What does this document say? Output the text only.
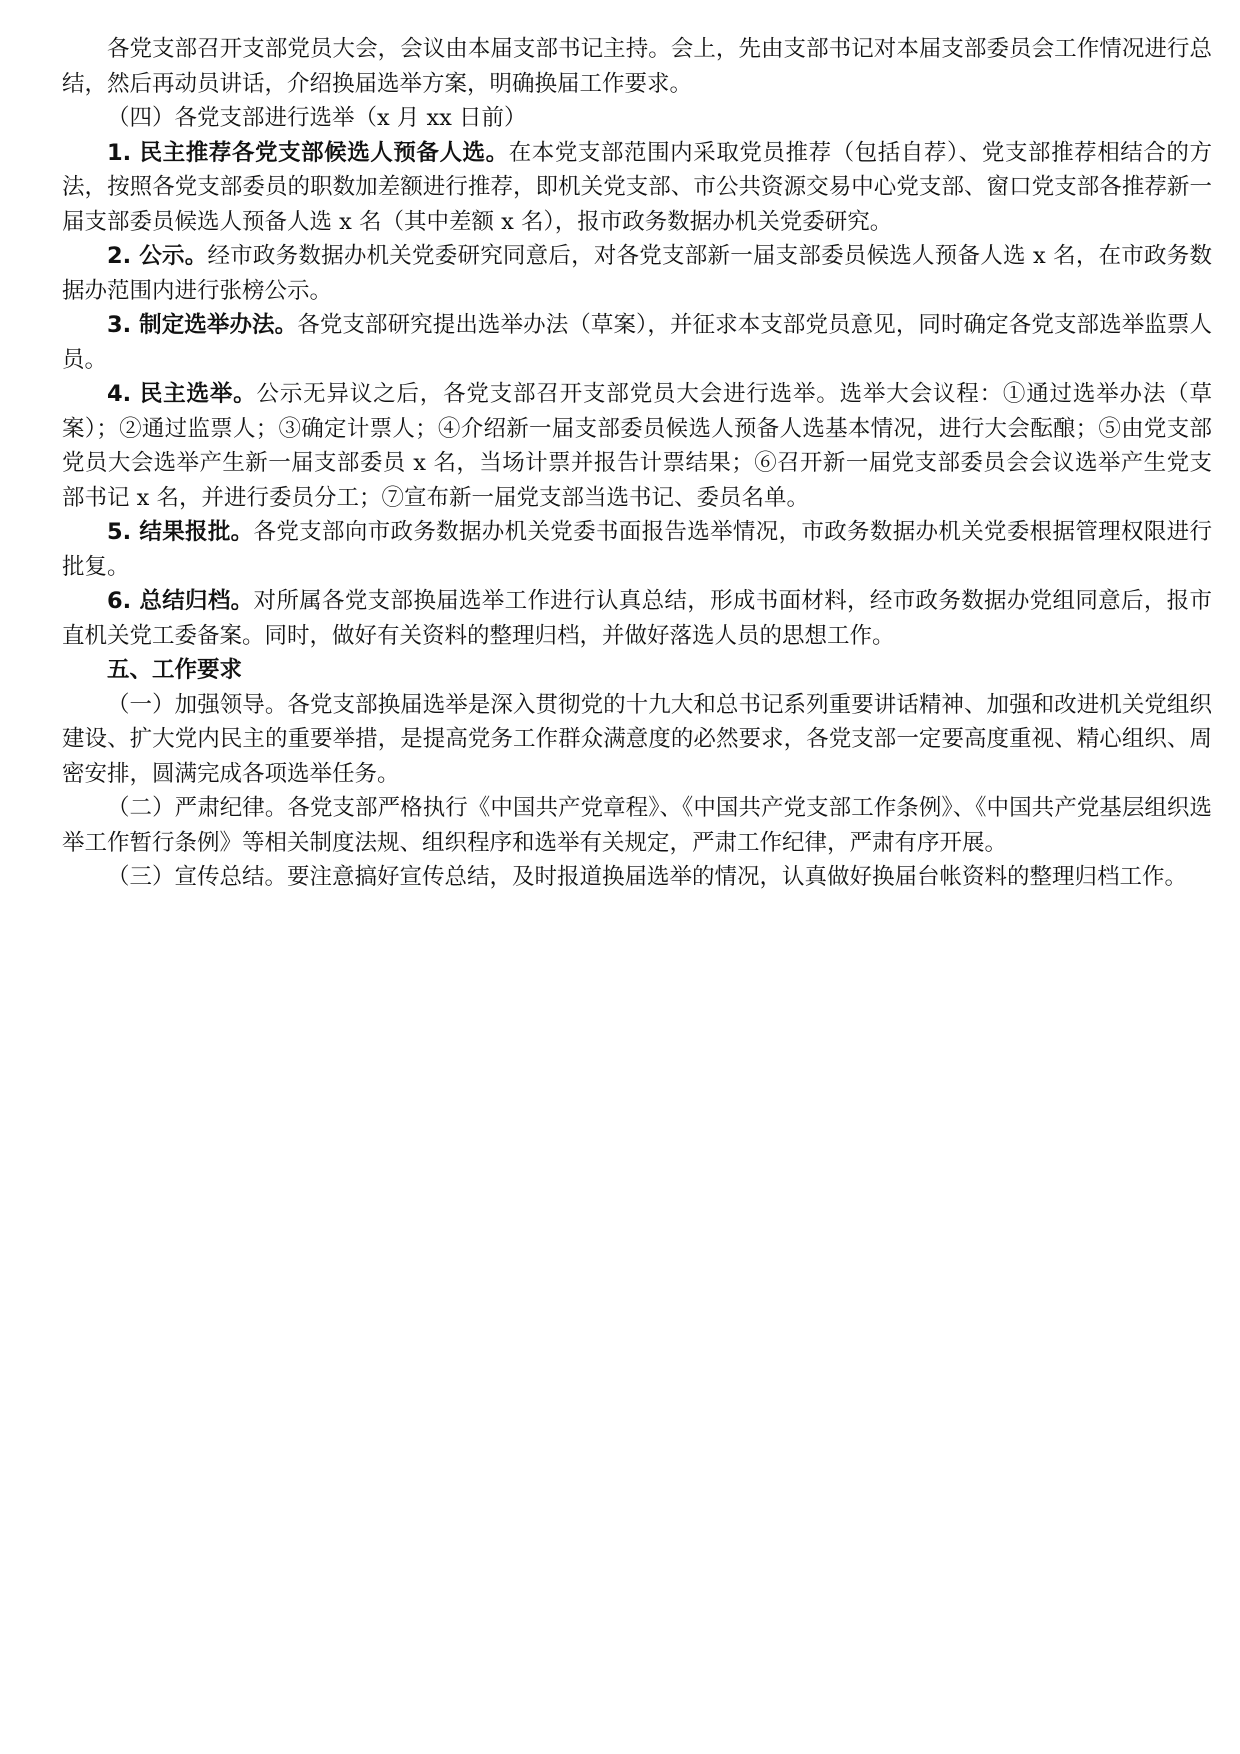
各党支部召开支部党员大会，会议由本届支部书记主持。会上，先由支部书记对本届支部委员会工作情况进行总结，然后再动员讲话，介绍换届选举方案，明确换届工作要求。

（四）各党支部进行选举（x 月 xx 日前）

1. 民主推荐各党支部候选人预备人选。在本党支部范围内采取党员推荐（包括自荐）、党支部推荐相结合的方法，按照各党支部委员的职数加差额进行推荐，即机关党支部、市公共资源交易中心党支部、窗口党支部各推荐新一届支部委员候选人预备人选 x 名（其中差额 x 名），报市政务数据办机关党委研究。

2. 公示。经市政务数据办机关党委研究同意后，对各党支部新一届支部委员候选人预备人选 x 名，在市政务数据办范围内进行张榜公示。

3. 制定选举办法。各党支部研究提出选举办法（草案），并征求本支部党员意见，同时确定各党支部选举监票人员。

4. 民主选举。公示无异议之后，各党支部召开支部党员大会进行选举。选举大会议程：①通过选举办法（草案）；②通过监票人；③确定计票人；④介绍新一届支部委员候选人预备人选基本情况，进行大会酝酿；⑤由党支部党员大会选举产生新一届支部委员 x 名，当场计票并报告计票结果；⑥召开新一届党支部委员会会议选举产生党支部书记 x 名，并进行委员分工；⑦宣布新一届党支部当选书记、委员名单。

5. 结果报批。各党支部向市政务数据办机关党委书面报告选举情况，市政务数据办机关党委根据管理权限进行批复。

6. 总结归档。对所属各党支部换届选举工作进行认真总结，形成书面材料，经市政务数据办党组同意后，报市直机关党工委备案。同时，做好有关资料的整理归档，并做好落选人员的思想工作。

五、工作要求

（一）加强领导。各党支部换届选举是深入贯彻党的十九大和总书记系列重要讲话精神、加强和改进机关党组织建设、扩大党内民主的重要举措，是提高党务工作群众满意度的必然要求，各党支部一定要高度重视、精心组织、周密安排，圆满完成各项选举任务。

（二）严肃纪律。各党支部严格执行《中国共产党章程》、《中国共产党支部工作条例》、《中国共产党基层组织选举工作暂行条例》等相关制度法规、组织程序和选举有关规定，严肃工作纪律，严肃有序开展。

（三）宣传总结。要注意搞好宣传总结，及时报道换届选举的情况，认真做好换届台帐资料的整理归档工作。
